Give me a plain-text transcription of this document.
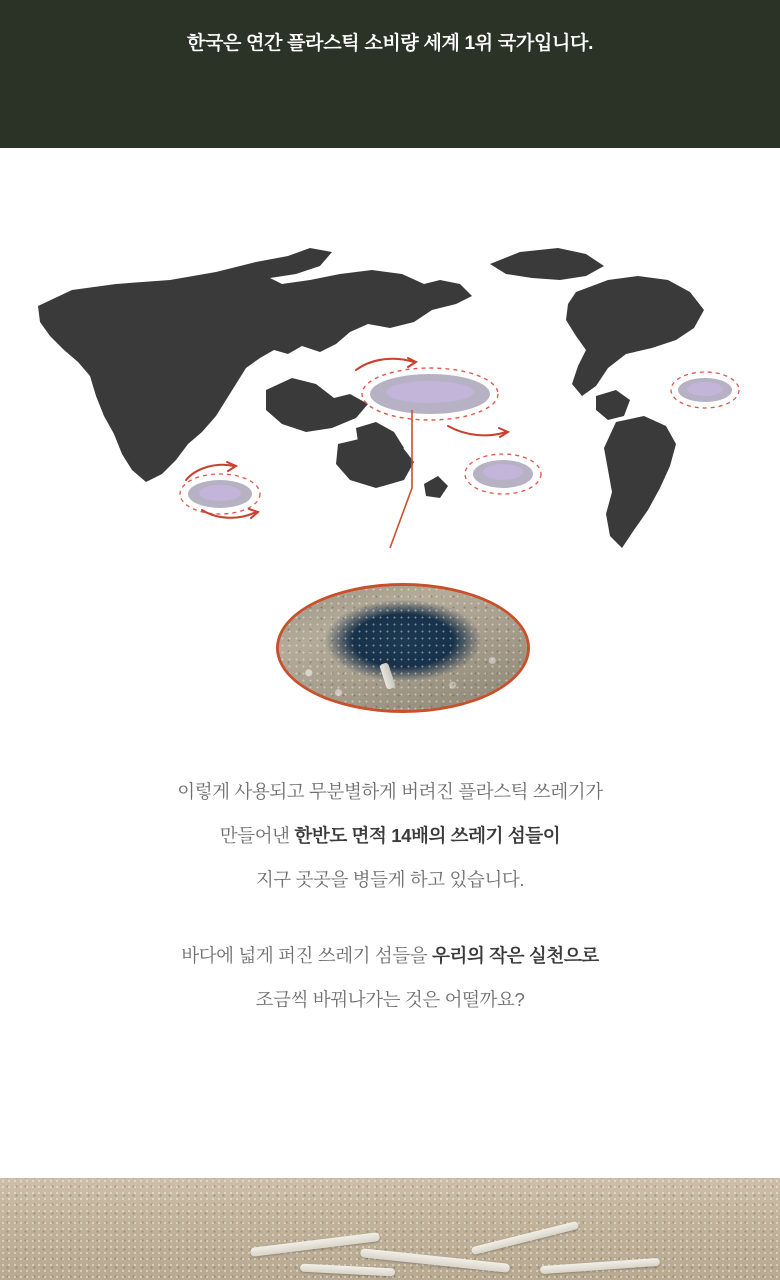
한국은 연간 플라스틱 소비량 세계 1위 국가입니다.
이렇게 사용되고 무분별하게 버려진 플라스틱 쓰레기가
만들어낸 한반도 면적 14배의 쓰레기 섬들이
지구 곳곳을 병들게 하고 있습니다.
바다에 넓게 퍼진 쓰레기 섬들을 우리의 작은 실천으로
조금씩 바꿔나가는 것은 어떨까요?
